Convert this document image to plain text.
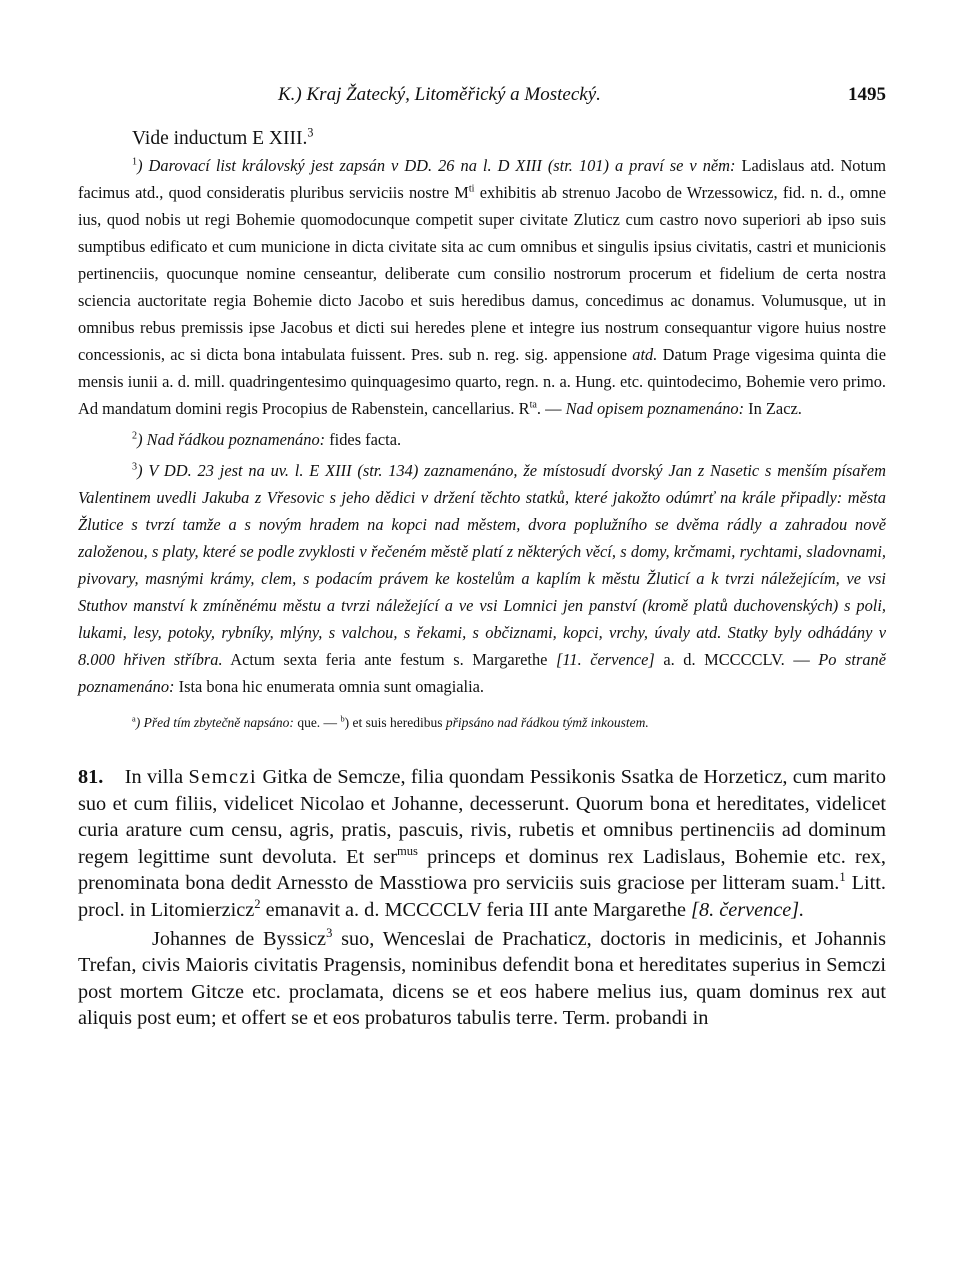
K.) Kraj Žatecký, Litoměřický a Mostecký.	1495
Vide inductum E XIII.$^3$

$^1$) Darovací list královský jest zapsán v DD. 26 na l. D XIII (str. 101) a praví se v něm: Ladislaus atd. Notum facimus atd., quod consideratis pluribus serviciis nostre $M^{ti}$ exhibitis ab strenuo Jacobo de Wrzessowicz, fid. n. d., omne ius, quod nobis ut regi Bohemie quomodocunque competit super civitate Zluticz cum castro novo superiori ab ipso suis sumptibus edificato et cum municione in dicta civitate sita ac cum omnibus et singulis ipsius civitatis, castri et municionis pertinenciis, quocunque nomine censeantur, deliberate cum consilio nostrorum procerum et fidelium de certa nostra sciencia auctoritate regia Bohemie dicto Jacobo et suis heredibus damus, concedimus ac donamus. Volumusque, ut in omnibus rebus premissis ipse Jacobus et dicti sui heredes plene et integre ius nostrum consequantur vigore huius nostre concessionis, ac si dicta bona intabulata fuissent. Pres. sub n. reg. sig. appensione atd. Datum Prage vigesima quinta die mensis iunii a. d. mill. quadringentesimo quinquagesimo quarto, regn. n. a. Hung. etc. quintodecimo, Bohemie vero primo. Ad mandatum domini regis Procopius de Rabenstein, cancellarius. $R^{ta}$. — Nad opisem poznamenáno: In Zacz.

$^2$) Nad řádkou poznamenáno: fides facta.

$^3$) V DD. 23 jest na uv. l. E XIII (str. 134) zaznamenáno, že místosudí dvorský Jan z Nasetic s menším písařem Valentinem uvedli Jakuba z Vřesovic s jeho dědici v držení těchto statků, které jakožto odúmrť na krále připadly: města Žlutice s tvrzí tamže a s novým hradem na kopci nad městem, dvora poplužního se dvěma rádly a zahradou nově založenou, s platy, které se podle zvyklosti v řečeném městě platí z některých věcí, s domy, krčmami, rychtami, sladovnami, pivovary, masnými krámy, clem, s podacím právem ke kostelům a kaplím k městu Žluticí a k tvrzi náležejícím, ve vsi Stuthov manství k zmíněnému městu a tvrzi náležející a ve vsi Lomnici jen panství (kromě platů duchovenských) s poli, lukami, lesy, potoky, rybníky, mlýny, s valchou, s řekami, s občiznami, kopci, vrchy, úvaly atd. Statky byly odhádány v 8.000 hřiven stříbra. Actum sexta feria ante festum s. Margarethe [11. července] a. d. MCCCCLV. — Po straně poznamenáno: Ista bona hic enumerata omnia sunt omagialia.

$^a$) Před tím zbytečně napsáno: que. — $^b$) et suis heredibus připsáno nad řádkou týmž inkoustem.

81. In villa Semczi Gitka de Semcze, filia quondam Pessikonis Ssatka de Horzeticz, cum marito suo et cum filiis, videlicet Nicolao et Johanne, decesserunt. Quorum bona et hereditates, videlicet curia arature cum censu, agris, pratis, pascuis, rivis, rubetis et omnibus pertinenciis ad dominum regem legittime sunt devoluta. Et ser$^{mus}$ princeps et dominus rex Ladislaus, Bohemie etc. rex, prenominata bona dedit Arnessto de Masstiowa pro serviciis suis graciose per litteram suam.$^1$ Litt. procl. in Litomierzicz$^2$ emanavit a. d. MCCCCLV feria III ante Margarethe [8. července].

Johannes de Byssicz$^3$ suo, Wenceslai de Prachaticz, doctoris in medicinis, et Johannis Trefan, civis Maioris civitatis Pragensis, nominibus defendit bona et hereditates superius in Semczi post mortem Gitcze etc. proclamata, dicens se et eos habere melius ius, quam dominus rex aut aliquis post eum; et offert se et eos probaturos tabulis terre. Term. probandi in
